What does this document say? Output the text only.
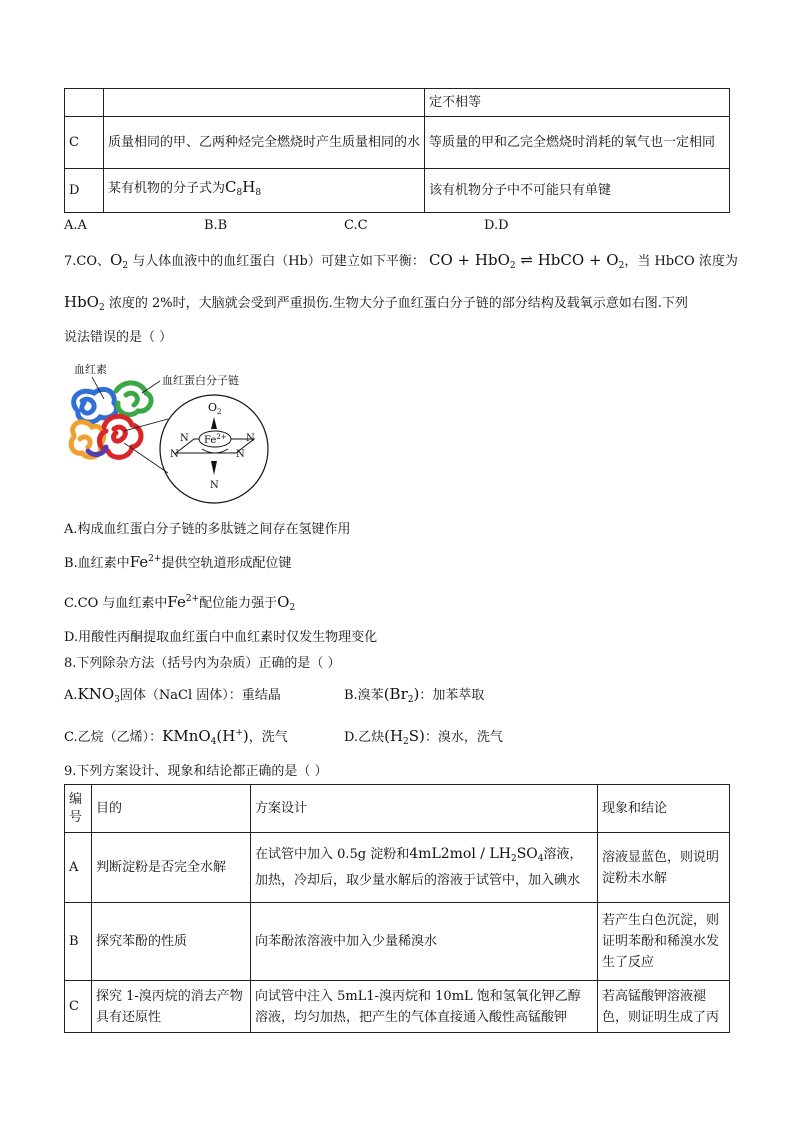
		定不相等
C	质量相同的甲、乙两种烃完全燃烧时产生质量相同的水	等质量的甲和乙完全燃烧时消耗的氧气也一定相同
D	某有机物的分子式为$C_8H_8$	该有机物分子中不可能只有单键
A.A	B.B	C.C	D.D
7.CO、$O_2$ 与人体血液中的血红蛋白（Hb）可建立如下平衡： CO + HbO$_2$ ⇌ HbCO + $O_2$，当 HbCO 浓度为
HbO$_2$ 浓度的 2%时，大脑就会受到严重损伤.生物大分子血红蛋白分子链的部分结构及载氧示意如右图.下列
说法错误的是（ ）
血红素
血红蛋白分子链
$O_2$
$Fe^{2+}$
N	N
N	N
N
A.构成血红蛋白分子链的多肽链之间存在氢键作用
B.血红素中$Fe^{2+}$提供空轨道形成配位键
C.CO 与血红素中$Fe^{2+}$配位能力强于$O_2$
D.用酸性丙酮提取血红蛋白中血红素时仅发生物理变化
8.下列除杂方法（括号内为杂质）正确的是（ ）
$A.KNO_3$固体（NaCl 固体）：重结晶	B.溴苯$(Br_2)$：加苯萃取
C.乙烷（乙烯）：KMnO$_4$(H+)，洗气	D.乙炔$(H_2S)$：溴水，洗气
9.下列方案设计、现象和结论都正确的是（ ）
编号	目的	方案设计	现象和结论
A	判断淀粉是否完全水解	在试管中加入 0.5g 淀粉和$4mL2mol / LH_2SO_4$溶液，加热，冷却后，取少量水解后的溶液于试管中，加入碘水	溶液显蓝色，则说明淀粉未水解
B	探究苯酚的性质	向苯酚浓溶液中加入少量稀溴水	若产生白色沉淀，则证明苯酚和稀溴水发生了反应
C	探究 1-溴丙烷的消去产物具有还原性	向试管中注入 5mL1-溴丙烷和 10mL 饱和氢氧化钾乙醇溶液，均匀加热，把产生的气体直接通入酸性高锰酸钾	若高锰酸钾溶液褪色，则证明生成了丙
